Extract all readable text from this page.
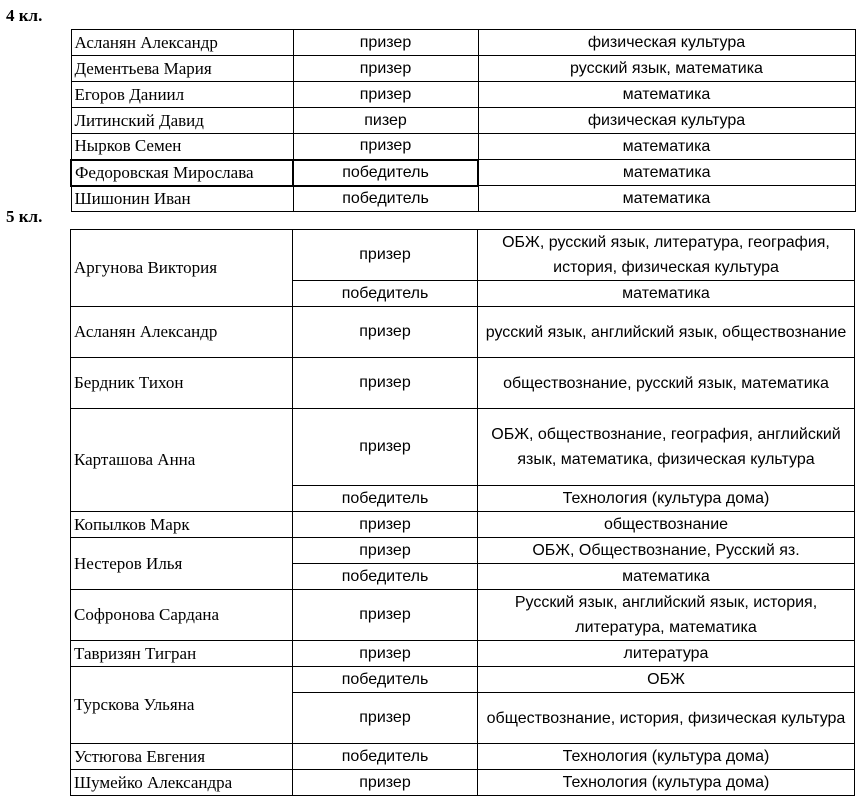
4 кл.
Асланян Александр	призер	физическая культура
Дементьева Мария	призер	русский язык, математика
Егоров Даниил	призер	математика
Литинский Давид	пизер	физическая культура
Нырков Семен	призер	математика
Федоровская Мирослава	победитель	математика
Шишонин Иван	победитель	математика
5 кл.
Аргунова Виктория	призер	ОБЖ, русский язык, литература, география, история, физическая культура
	победитель	математика
Асланян Александр	призер	русский язык, английский язык, обществознание
Бердник Тихон	призер	обществознание, русский язык, математика
Карташова Анна	призер	ОБЖ, обществознание, география, английский язык, математика, физическая культура
	победитель	Технология (культура дома)
Копылков Марк	призер	обществознание
Нестеров Илья	призер	ОБЖ, Обществознание, Русский яз.
	победитель	математика
Софронова Сардана	призер	Русский язык, английский язык, история, литература, математика
Тавризян Тигран	призер	литература
Турскова Ульяна	победитель	ОБЖ
	призер	обществознание, история, физическая культура
Устюгова Евгения	победитель	Технология (культура дома)
Шумейко Александра	призер	Технология (культура дома)
